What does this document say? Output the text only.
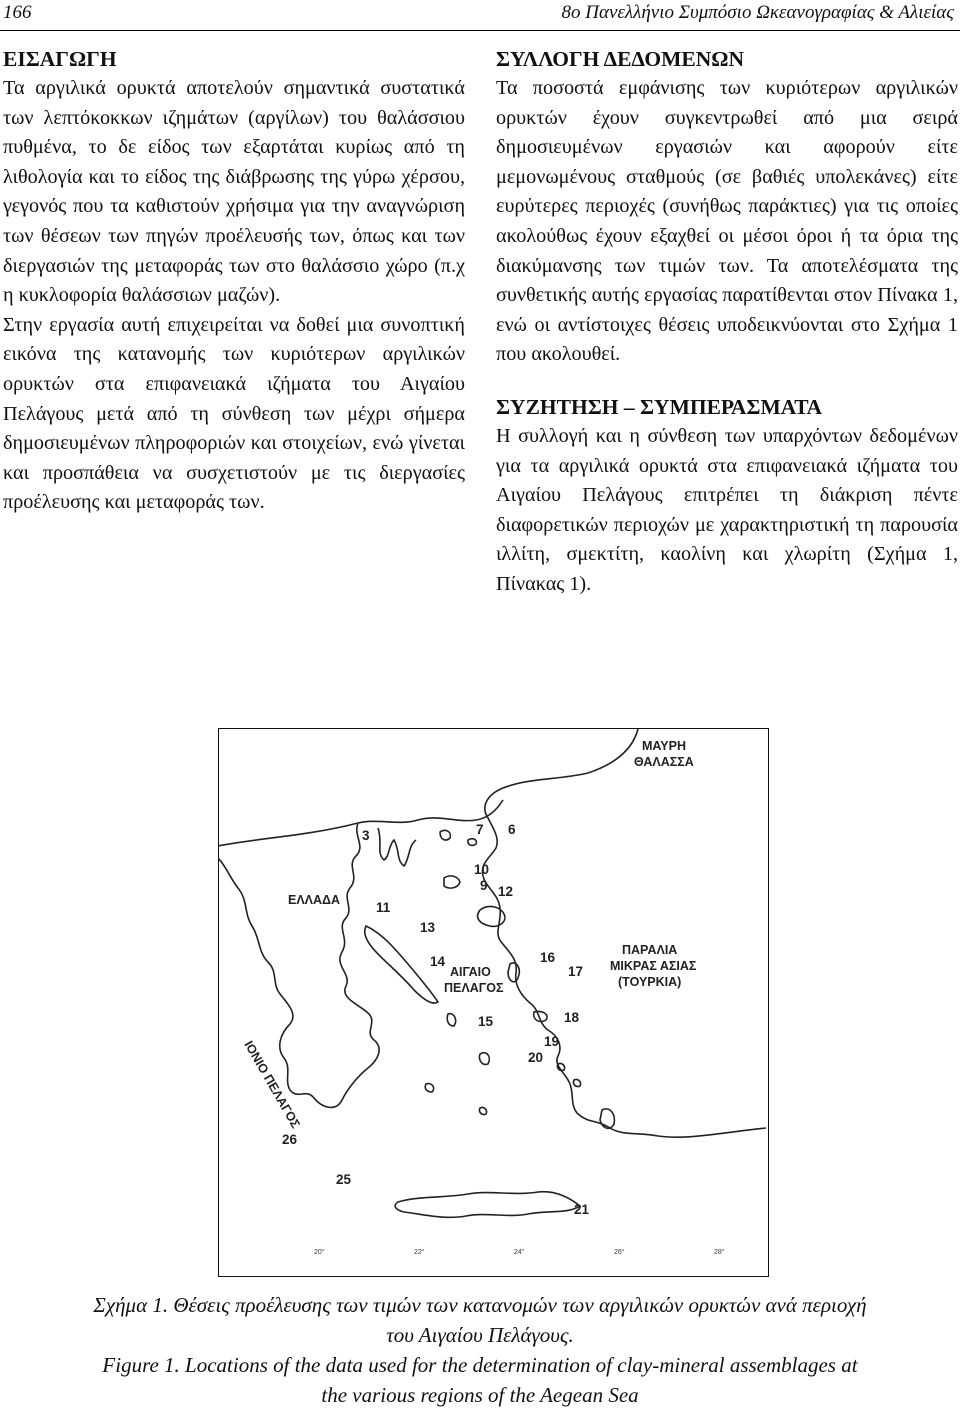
166	8ο Πανελλήνιο Συμπόσιο Ωκεανογραφίας & Αλιείας

ΕΙΣΑΓΩΓΗ

Τα αργιλικά ορυκτά αποτελούν σημαντικά συστατικά των λεπτόκοκκων ιζημάτων (αργίλων) του θαλάσσιου πυθμένα, το δε είδος των εξαρτάται κυρίως από τη λιθολογία και το είδος της διάβρωσης της γύρω χέρσου, γεγονός που τα καθιστούν χρήσιμα για την αναγνώριση των θέσεων των πηγών προέλευσής των, όπως και των διεργασιών της μεταφοράς των στο θαλάσσιο χώρο (π.χ η κυκλοφορία θαλάσσιων μαζών).

Στην εργασία αυτή επιχειρείται να δοθεί μια συνοπτική εικόνα της κατανομής των κυριότερων αργιλικών ορυκτών στα επιφανειακά ιζήματα του Αιγαίου Πελάγους μετά από τη σύνθεση των μέχρι σήμερα δημοσιευμένων πληροφοριών και στοιχείων, ενώ γίνεται και προσπάθεια να συσχετιστούν με τις διεργασίες προέλευσης και μεταφοράς των.

ΣΥΛΛΟΓΗ ΔΕΔΟΜΕΝΩΝ

Τα ποσοστά εμφάνισης των κυριότερων αργιλικών ορυκτών έχουν συγκεντρωθεί από μια σειρά δημοσιευμένων εργασιών και αφορούν είτε μεμονωμένους σταθμούς (σε βαθιές υπολεκάνες) είτε ευρύτερες περιοχές (συνήθως παράκτιες) για τις οποίες ακολούθως έχουν εξαχθεί οι μέσοι όροι ή τα όρια της διακύμανσης των τιμών των. Τα αποτελέσματα της συνθετικής αυτής εργασίας παρατίθενται στον Πίνακα 1, ενώ οι αντίστοιχες θέσεις υποδεικνύονται στο Σχήμα 1 που ακολουθεί.

ΣΥΖΗΤΗΣΗ – ΣΥΜΠΕΡΑΣΜΑΤΑ

Η συλλογή και η σύνθεση των υπαρχόντων δεδομένων για τα αργιλικά ορυκτά στα επιφανειακά ιζήματα του Αιγαίου Πελάγους επιτρέπει τη διάκριση πέντε διαφορετικών περιοχών με χαρακτηριστική τη παρουσία ιλλίτη, σμεκτίτη, καολίνη και χλωρίτη (Σχήμα 1, Πίνακας 1).

ΜΑΥΡΗ
ΘΑΛΑΣΣΑ
ΕΛΛΑΔΑ
ΑΙΓΑΙΟ
ΠΕΛΑΓΟΣ
ΠΑΡΑΛΙΑ
ΜΙΚΡΑΣ ΑΣΙΑΣ
(ΤΟΥΡΚΙΑ)
ΙΟΝΙΟ ΠΕΛΑΓΟΣ
3	7 6
10
9 12
11
13
14	16
17
15	18
19
20
26
25
21
20°	22°	24°	26°	28°
Σχήμα 1. Θέσεις προέλευσης των τιμών των κατανομών των αργιλικών ορυκτών ανά περιοχή
του Αιγαίου Πελάγους.
Figure 1. Locations of the data used for the determination of clay-mineral assemblages at
the various regions of the Aegean Sea
